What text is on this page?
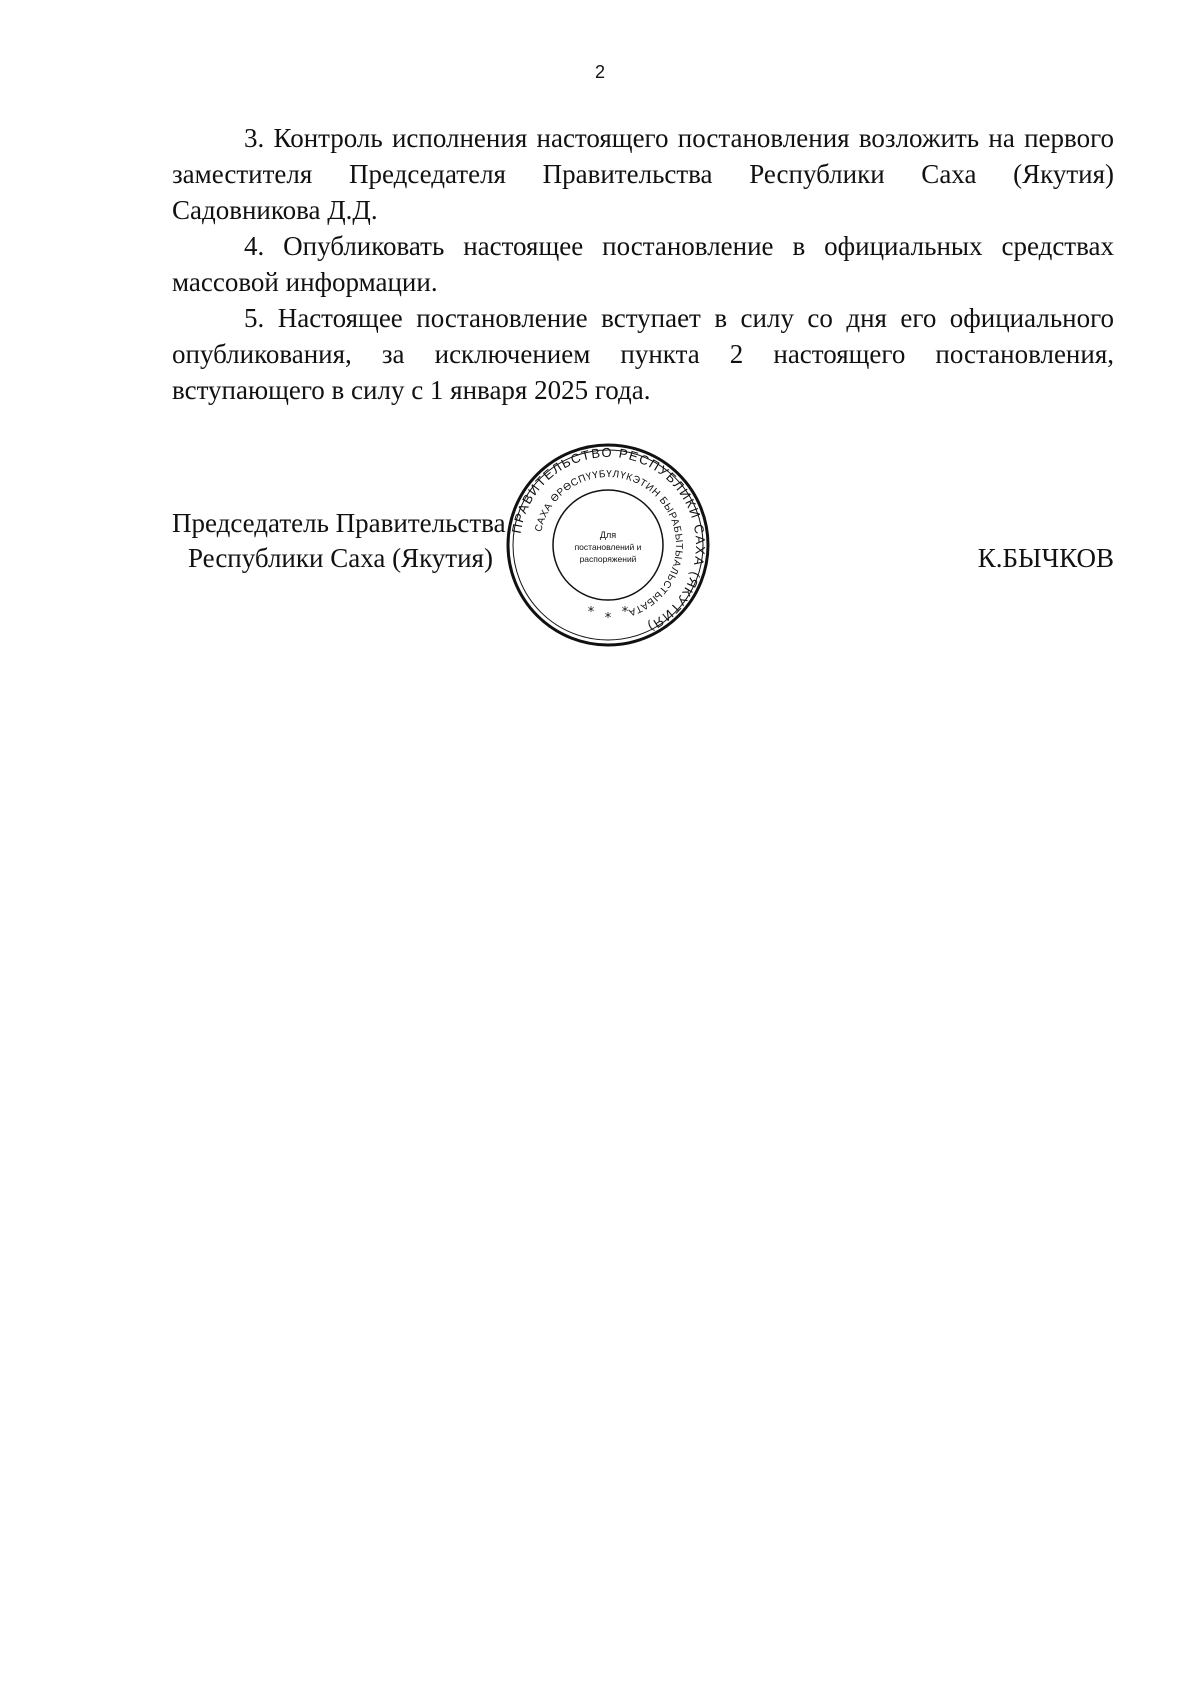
2

3. Контроль исполнения настоящего постановления возложить на первого заместителя Председателя Правительства Республики Саха (Якутия) Садовникова Д.Д.

4. Опубликовать настоящее постановление в официальных средствах массовой информации.

5. Настоящее постановление вступает в силу со дня его официального опубликования, за исключением пункта 2 настоящего постановления, вступающего в силу с 1 января 2025 года.

Председатель Правительства
Республики Саха (Якутия)	К.БЫЧКОВ
ПРАВИТЕЛЬСТВО РЕСПУБЛИКИ САХА (ЯКУТИЯ)
САХА ӨРӨСПҮҮБҮЛҮКЭТИН БЫРАБЫТЫАЛЬСТЫБАТА
Для
постановлений и
распоряжений
* * *
